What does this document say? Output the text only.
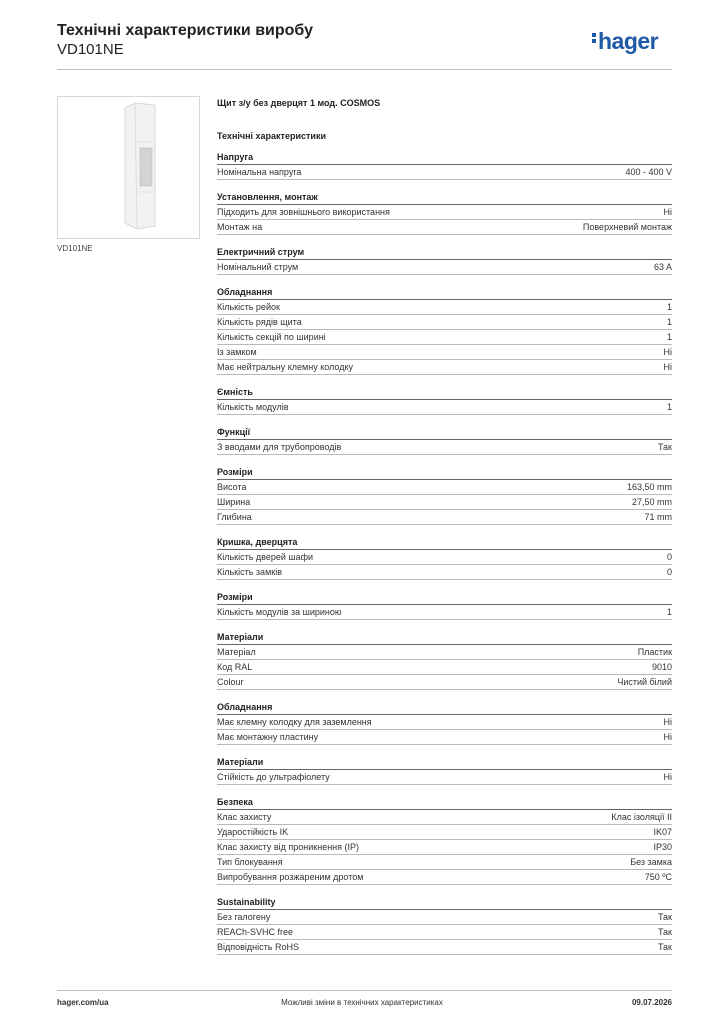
Технічні характеристики виробу
VD101NE	hager
VD101NE
Щит з/у без дверцят 1 мод. COSMOS
Технічні характеристики
Напруга
Номінальна напруга	400 - 400 V
Установлення, монтаж
Підходить для зовнішнього використання	Ні
Монтаж на	Поверхневий монтаж
Електричний струм
Номінальний струм	63 A
Обладнання
Кількість рейок	1
Кількість рядів щита	1
Кількість секцій по ширині	1
Із замком	Ні
Має нейтральну клемну колодку	Ні
Ємність
Кількість модулів	1
Функції
З вводами для трубопроводів	Так
Розміри
Висота	163,50 mm
Ширина	27,50 mm
Глибина	71 mm
Кришка, дверцята
Кількість дверей шафи	0
Кількість замків	0
Розміри
Кількість модулів за шириною	1
Матеріали
Матеріал	Пластик
Код RAL	9010
Colour	Чистий білий
Обладнання
Має клемну колодку для заземлення	Ні
Має монтажну пластину	Ні
Матеріали
Стійкість до ультрафіолету	Ні
Безпека
Клас захисту	Клас ізоляції II
Ударостійкість IK	IK07
Клас захисту від проникнення (IP)	IP30
Тип блокування	Без замка
Випробування розжареним дротом	750 ºC
Sustainability
Без галогену	Так
REACh-SVHC free	Так
Відповідність RoHS	Так
hager.com/ua	Можливі зміни в технічних характеристиках	09.07.2026
